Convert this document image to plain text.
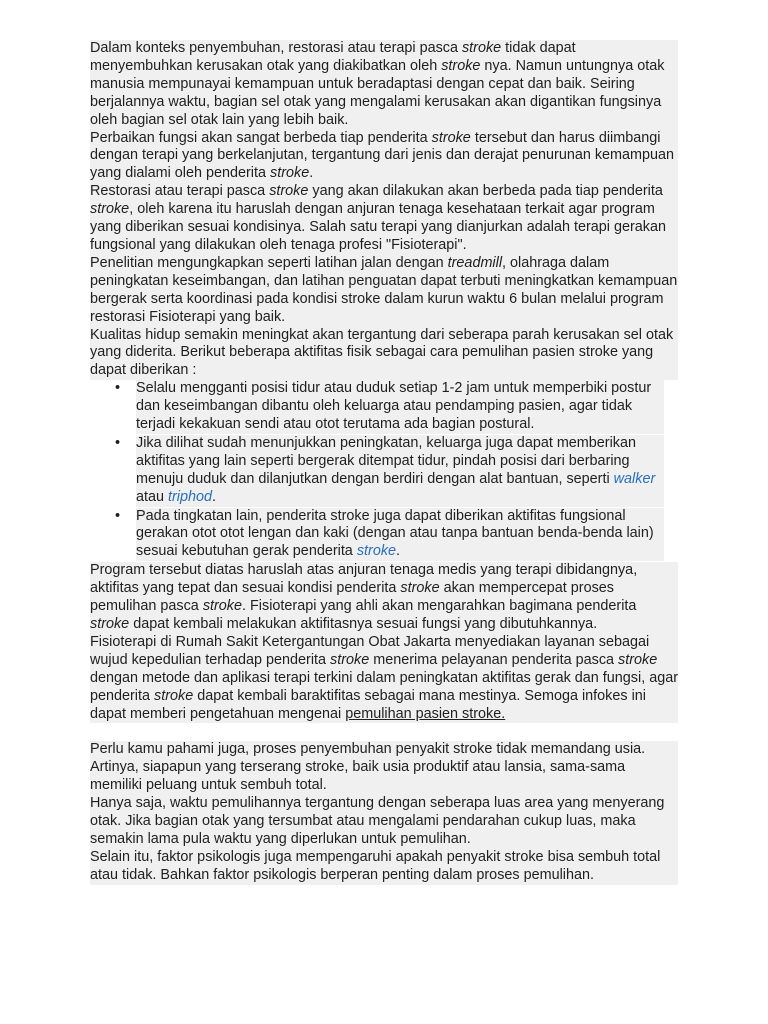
Dalam konteks penyembuhan, restorasi atau terapi pasca stroke tidak dapat menyembuhkan kerusakan otak yang diakibatkan oleh stroke nya. Namun untungnya otak manusia mempunayai kemampuan untuk beradaptasi dengan cepat dan baik. Seiring berjalannya waktu, bagian sel otak yang mengalami kerusakan akan digantikan fungsinya oleh bagian sel otak lain yang lebih baik.

Perbaikan fungsi akan sangat berbeda tiap penderita stroke tersebut dan harus diimbangi dengan terapi yang berkelanjutan, tergantung dari jenis dan derajat penurunan kemampuan yang dialami oleh penderita stroke.

Restorasi atau terapi pasca stroke yang akan dilakukan akan berbeda pada tiap penderita stroke, oleh karena itu haruslah dengan anjuran tenaga kesehataan terkait agar program yang diberikan sesuai kondisinya. Salah satu terapi yang dianjurkan adalah terapi gerakan fungsional yang dilakukan oleh tenaga profesi "Fisioterapi".

Penelitian mengungkapkan seperti latihan jalan dengan treadmill, olahraga dalam peningkatan keseimbangan, dan latihan penguatan dapat terbuti meningkatkan kemampuan bergerak serta koordinasi pada kondisi stroke dalam kurun waktu 6 bulan melalui program restorasi Fisioterapi yang baik.

Kualitas hidup semakin meningkat akan tergantung dari seberapa parah kerusakan sel otak yang diderita. Berikut beberapa aktifitas fisik sebagai cara pemulihan pasien stroke yang dapat diberikan :

• Selalu mengganti posisi tidur atau duduk setiap 1-2 jam untuk memperbiki postur dan keseimbangan dibantu oleh keluarga atau pendamping pasien, agar tidak terjadi kekakuan sendi atau otot terutama ada bagian postural.
• Jika dilihat sudah menunjukkan peningkatan, keluarga juga dapat memberikan aktifitas yang lain seperti bergerak ditempat tidur, pindah posisi dari berbaring menuju duduk dan dilanjutkan dengan berdiri dengan alat bantuan, seperti walker atau triphod.
• Pada tingkatan lain, penderita stroke juga dapat diberikan aktifitas fungsional gerakan otot otot lengan dan kaki (dengan atau tanpa bantuan benda-benda lain) sesuai kebutuhan gerak penderita stroke.

Program tersebut diatas haruslah atas anjuran tenaga medis yang terapi dibidangnya, aktifitas yang tepat dan sesuai kondisi penderita stroke akan mempercepat proses pemulihan pasca stroke. Fisioterapi yang ahli akan mengarahkan bagimana penderita stroke dapat kembali melakukan aktifitasnya sesuai fungsi yang dibutuhkannya.

Fisioterapi di Rumah Sakit Ketergantungan Obat Jakarta menyediakan layanan sebagai wujud kepedulian terhadap penderita stroke menerima pelayanan penderita pasca stroke dengan metode dan aplikasi terapi terkini dalam peningkatan aktifitas gerak dan fungsi, agar penderita stroke dapat kembali baraktifitas sebagai mana mestinya. Semoga infokes ini dapat memberi pengetahuan mengenai pemulihan pasien stroke.

Perlu kamu pahami juga, proses penyembuhan penyakit stroke tidak memandang usia. Artinya, siapapun yang terserang stroke, baik usia produktif atau lansia, sama-sama memiliki peluang untuk sembuh total.

Hanya saja, waktu pemulihannya tergantung dengan seberapa luas area yang menyerang otak. Jika bagian otak yang tersumbat atau mengalami pendarahan cukup luas, maka semakin lama pula waktu yang diperlukan untuk pemulihan.

Selain itu, faktor psikologis juga mempengaruhi apakah penyakit stroke bisa sembuh total atau tidak. Bahkan faktor psikologis berperan penting dalam proses pemulihan.
